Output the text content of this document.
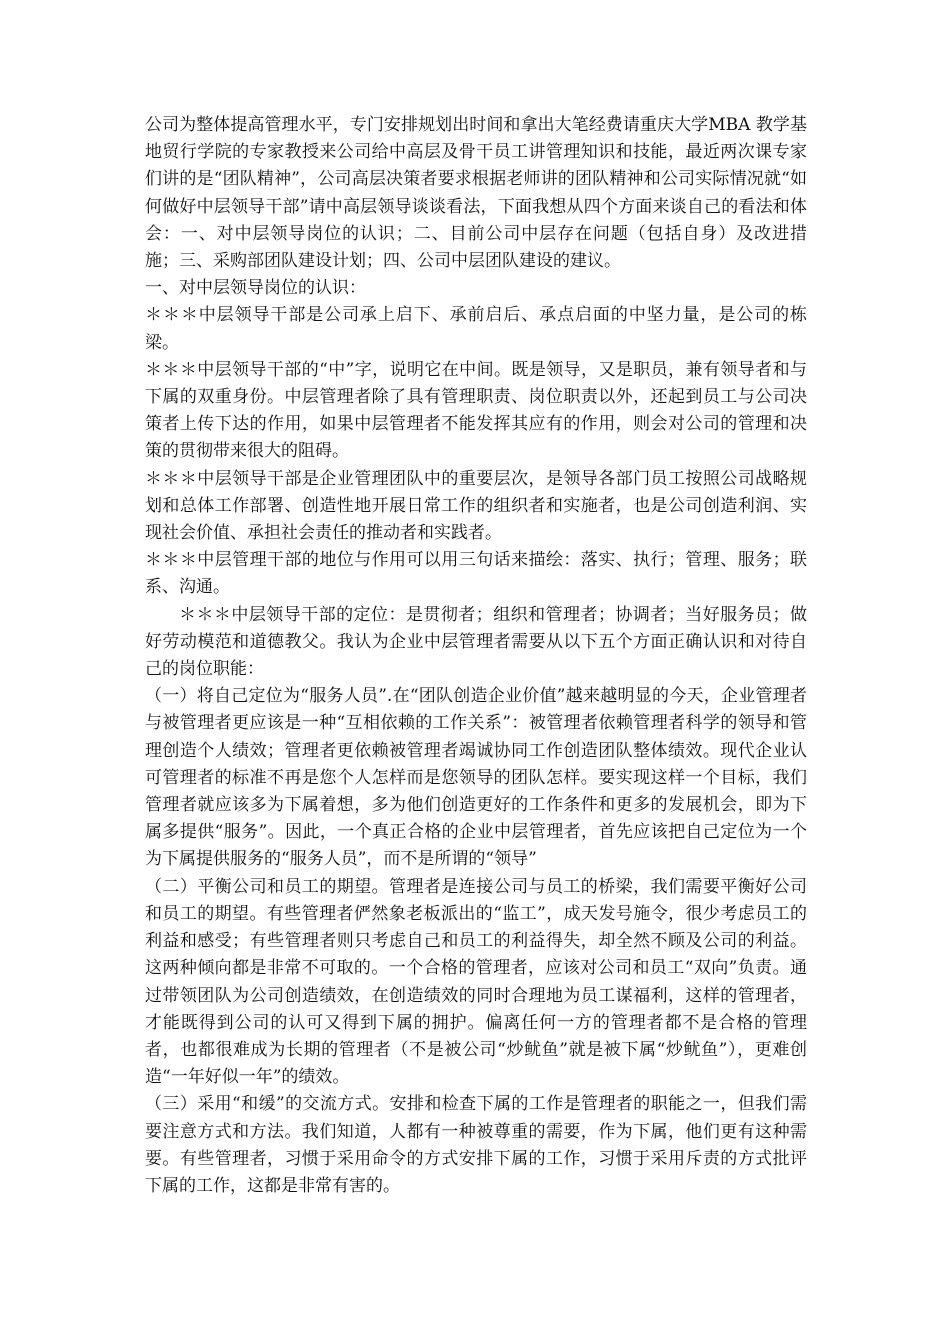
公司为整体提高管理水平，专门安排规划出时间和拿出大笔经费请重庆大学MBA 教学基地贸行学院的专家教授来公司给中高层及骨干员工讲管理知识和技能，最近两次课专家们讲的是“团队精神”，公司高层决策者要求根据老师讲的团队精神和公司实际情况就“如何做好中层领导干部”请中高层领导谈谈看法，下面我想从四个方面来谈自己的看法和体会：一、对中层领导岗位的认识；二、目前公司中层存在问题（包括自身）及改进措施；三、采购部团队建设计划；四、公司中层团队建设的建议。

一、对中层领导岗位的认识：

＊＊＊中层领导干部是公司承上启下、承前启后、承点启面的中坚力量，是公司的栋梁。

＊＊＊中层领导干部的“中”字，说明它在中间。既是领导，又是职员，兼有领导者和与下属的双重身份。中层管理者除了具有管理职责、岗位职责以外，还起到员工与公司决策者上传下达的作用，如果中层管理者不能发挥其应有的作用，则会对公司的管理和决策的贯彻带来很大的阻碍。

＊＊＊中层领导干部是企业管理团队中的重要层次，是领导各部门员工按照公司战略规划和总体工作部署、创造性地开展日常工作的组织者和实施者，也是公司创造利润、实现社会价值、承担社会责任的推动者和实践者。

＊＊＊中层管理干部的地位与作用可以用三句话来描绘：落实、执行；管理、服务；联系、沟通。

＊＊＊中层领导干部的定位：是贯彻者；组织和管理者；协调者；当好服务员；做好劳动模范和道德教父。我认为企业中层管理者需要从以下五个方面正确认识和对待自己的岗位职能：

（一）将自己定位为“服务人员”.在“团队创造企业价值”越来越明显的今天，企业管理者与被管理者更应该是一种“互相依赖的工作关系”：被管理者依赖管理者科学的领导和管理创造个人绩效；管理者更依赖被管理者竭诚协同工作创造团队整体绩效。现代企业认可管理者的标准不再是您个人怎样而是您领导的团队怎样。要实现这样一个目标，我们管理者就应该多为下属着想，多为他们创造更好的工作条件和更多的发展机会，即为下属多提供“服务”。因此，一个真正合格的企业中层管理者，首先应该把自己定位为一个为下属提供服务的“服务人员”，而不是所谓的“领导”

（二）平衡公司和员工的期望。管理者是连接公司与员工的桥梁，我们需要平衡好公司和员工的期望。有些管理者俨然象老板派出的“监工”，成天发号施令，很少考虑员工的利益和感受；有些管理者则只考虑自己和员工的利益得失，却全然不顾及公司的利益。这两种倾向都是非常不可取的。一个合格的管理者，应该对公司和员工“双向”负责。通过带领团队为公司创造绩效，在创造绩效的同时合理地为员工谋福利，这样的管理者，才能既得到公司的认可又得到下属的拥护。偏离任何一方的管理者都不是合格的管理者，也都很难成为长期的管理者（不是被公司“炒鱿鱼”就是被下属“炒鱿鱼”），更难创造“一年好似一年”的绩效。

（三）采用“和缓”的交流方式。安排和检查下属的工作是管理者的职能之一，但我们需要注意方式和方法。我们知道，人都有一种被尊重的需要，作为下属，他们更有这种需要。有些管理者，习惯于采用命令的方式安排下属的工作，习惯于采用斥责的方式批评下属的工作，这都是非常有害的。
